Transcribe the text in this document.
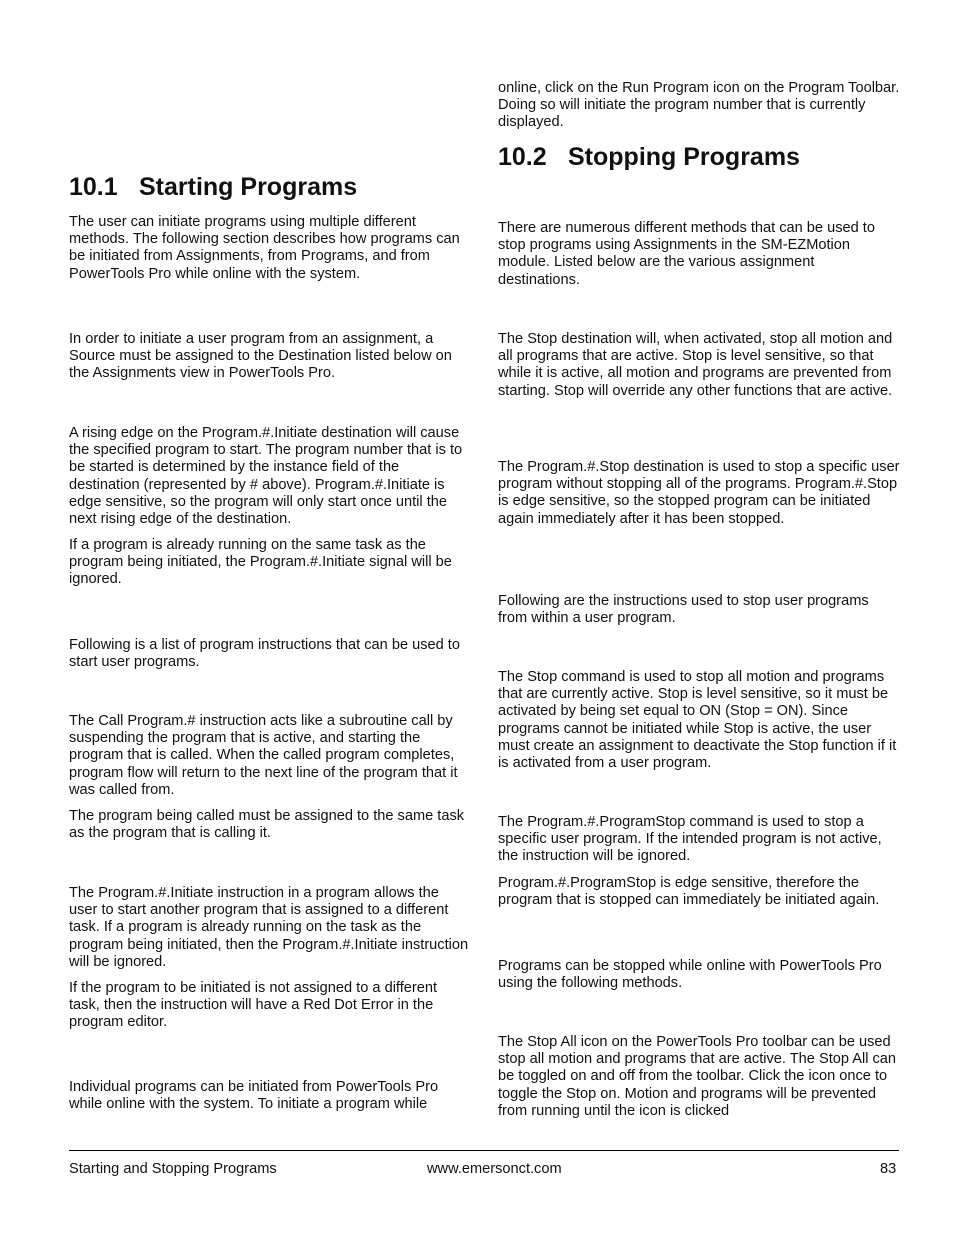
10.1 Starting Programs

The user can initiate programs using multiple different methods. The following section describes how programs can be initiated from Assignments, from Programs, and from PowerTools Pro while online with the system.

In order to initiate a user program from an assignment, a Source must be assigned to the Destination listed below on the Assignments view in PowerTools Pro.

A rising edge on the Program.#.Initiate destination will cause the specified program to start. The program number that is to be started is determined by the instance field of the destination (represented by # above). Program.#.Initiate is edge sensitive, so the program will only start once until the next rising edge of the destination.

If a program is already running on the same task as the program being initiated, the Program.#.Initiate signal will be ignored.

Following is a list of program instructions that can be used to start user programs.

The Call Program.# instruction acts like a subroutine call by suspending the program that is active, and starting the program that is called. When the called program completes, program flow will return to the next line of the program that it was called from.

The program being called must be assigned to the same task as the program that is calling it.

The Program.#.Initiate instruction in a program allows the user to start another program that is assigned to a different task. If a program is already running on the task as the program being initiated, then the Program.#.Initiate instruction will be ignored.

If the program to be initiated is not assigned to a different task, then the instruction will have a Red Dot Error in the program editor.

Individual programs can be initiated from PowerTools Pro while online with the system. To initiate a program while

online, click on the Run Program icon on the Program Toolbar. Doing so will initiate the program number that is currently displayed.

10.2 Stopping Programs

There are numerous different methods that can be used to stop programs using Assignments in the SM-EZMotion module. Listed below are the various assignment destinations.

The Stop destination will, when activated, stop all motion and all programs that are active. Stop is level sensitive, so that while it is active, all motion and programs are prevented from starting. Stop will override any other functions that are active.

The Program.#.Stop destination is used to stop a specific user program without stopping all of the programs. Program.#.Stop is edge sensitive, so the stopped program can be initiated again immediately after it has been stopped.

Following are the instructions used to stop user programs from within a user program.

The Stop command is used to stop all motion and programs that are currently active. Stop is level sensitive, so it must be activated by being set equal to ON (Stop = ON). Since programs cannot be initiated while Stop is active, the user must create an assignment to deactivate the Stop function if it is activated from a user program.

The Program.#.ProgramStop command is used to stop a specific user program. If the intended program is not active, the instruction will be ignored.

Program.#.ProgramStop is edge sensitive, therefore the program that is stopped can immediately be initiated again.

Programs can be stopped while online with PowerTools Pro using the following methods.

The Stop All icon on the PowerTools Pro toolbar can be used stop all motion and programs that are active. The Stop All can be toggled on and off from the toolbar. Click the icon once to toggle the Stop on. Motion and programs will be prevented from running until the icon is clicked

Starting and Stopping Programs	www.emersonct.com	83
